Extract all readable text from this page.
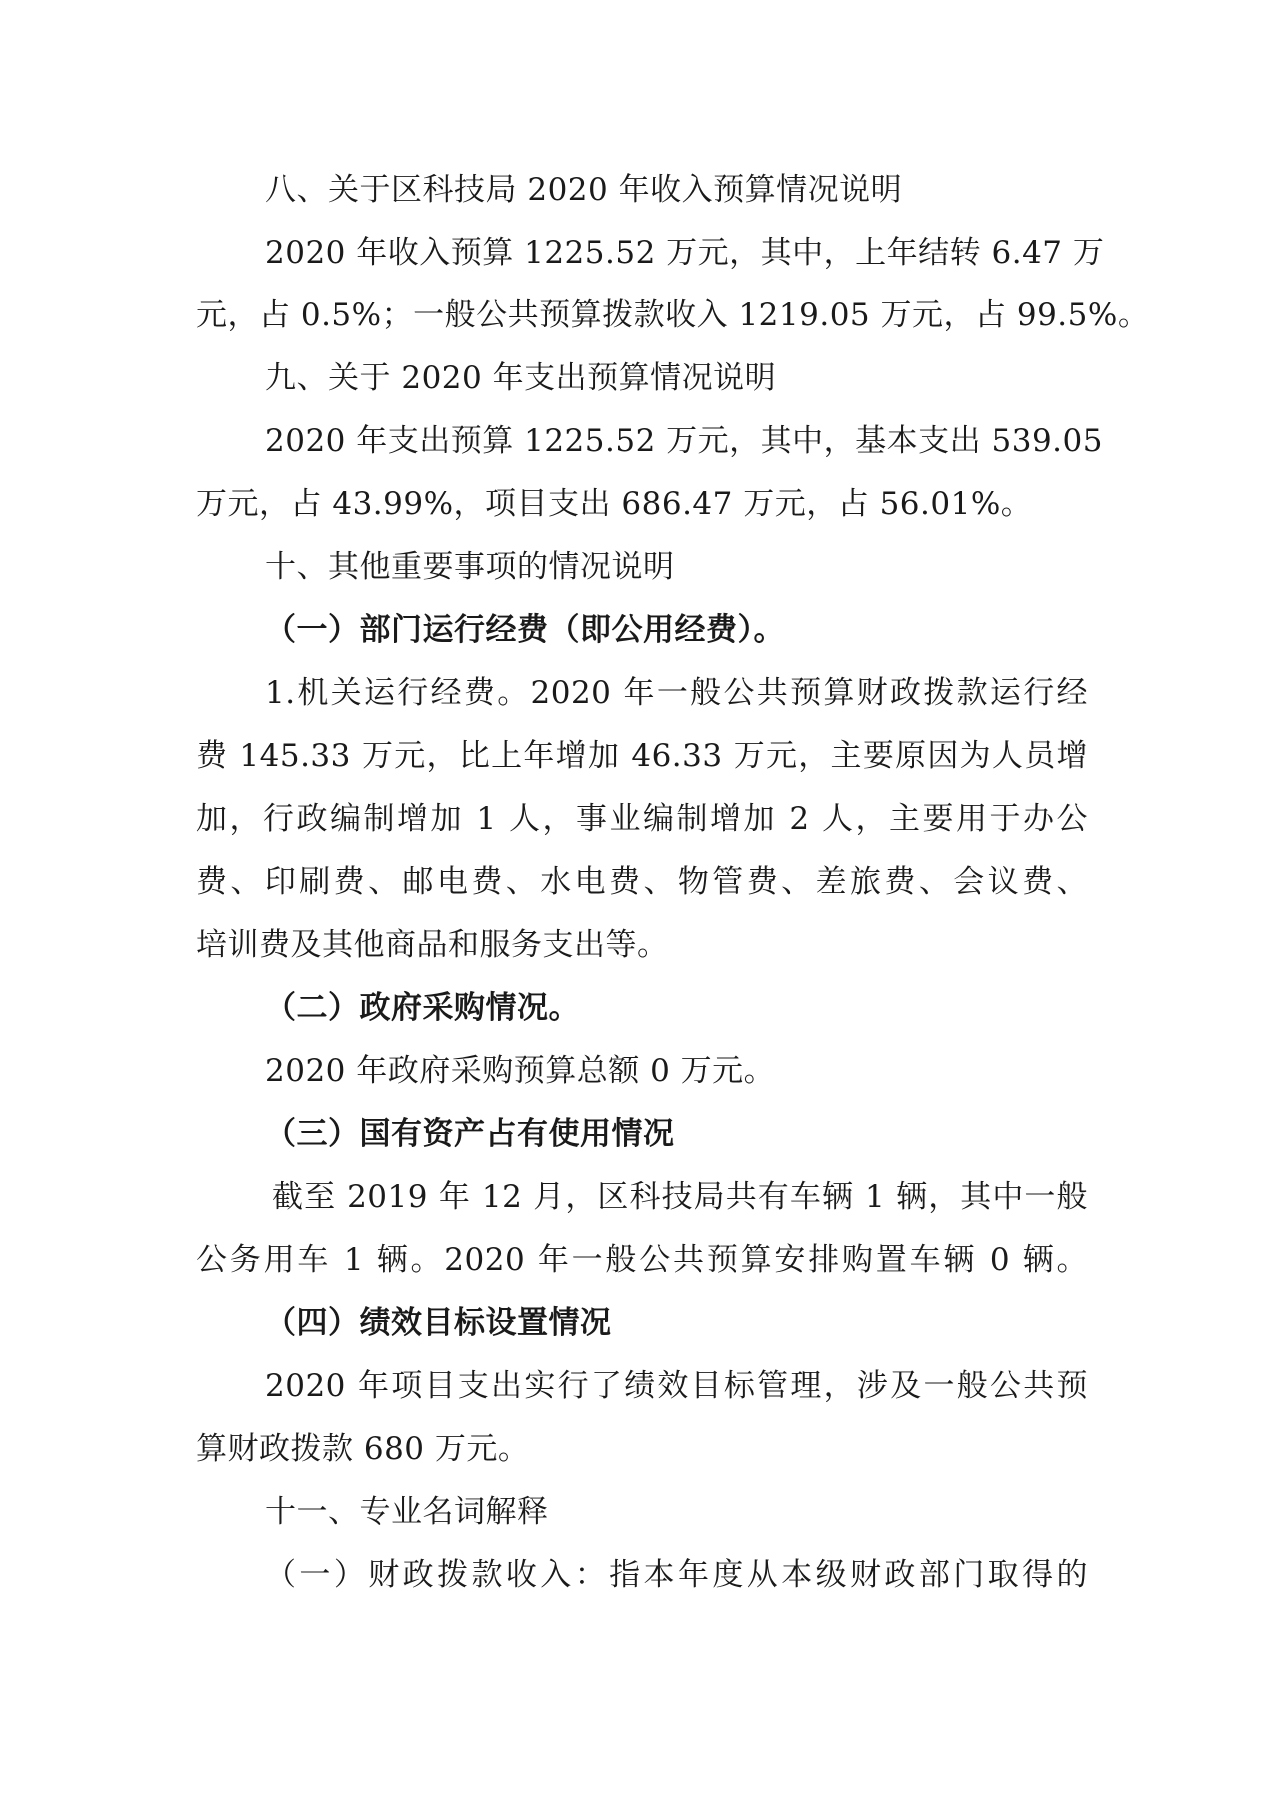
八、关于区科技局 2020 年收入预算情况说明

2020 年收入预算 1225.52 万元，其中，上年结转 6.47 万

元，占 0.5%；一般公共预算拨款收入 1219.05 万元，占 99.5%。

九、关于 2020 年支出预算情况说明

2020 年支出预算 1225.52 万元，其中，基本支出 539.05

万元，占 43.99%，项目支出 686.47 万元，占 56.01%。

十、其他重要事项的情况说明

（一）部门运行经费（即公用经费）。

1.机关运行经费。2020 年一般公共预算财政拨款运行经

费 145.33 万元，比上年增加 46.33 万元，主要原因为人员增

加，行政编制增加 1 人，事业编制增加 2 人，主要用于办公

费、印刷费、邮电费、水电费、物管费、差旅费、会议费、

培训费及其他商品和服务支出等。

（二）政府采购情况。

2020 年政府采购预算总额 0 万元。

（三）国有资产占有使用情况

截至 2019 年 12 月，区科技局共有车辆 1 辆，其中一般

公务用车 1 辆。2020 年一般公共预算安排购置车辆 0 辆。

（四）绩效目标设置情况

2020 年项目支出实行了绩效目标管理，涉及一般公共预

算财政拨款 680 万元。

十一、专业名词解释

（一）财政拨款收入：指本年度从本级财政部门取得的
